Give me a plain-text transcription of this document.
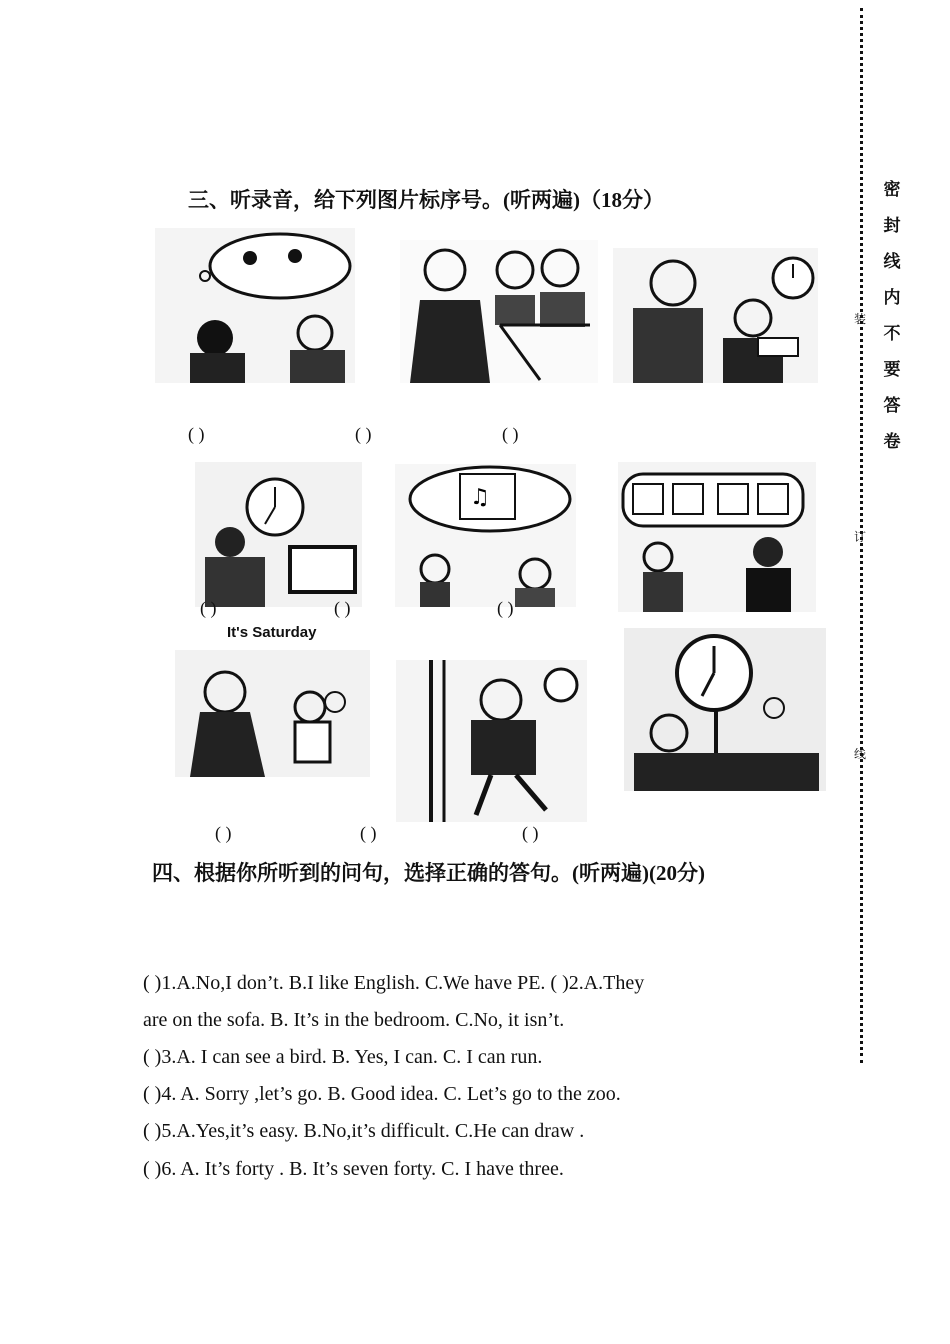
三、听录音，给下列图片标序号。(听两遍)（18分）
( )	( )	( )
♫
( )	( )	( )
It's Saturday
( )	( )	( )
四、根据你所听到的问句，选择正确的答句。(听两遍)(20分)
( )1.A.No,I don’t. B.I like English. C.We have PE. ( )2.A.They
are on the sofa. B. It’s in the bedroom. C.No, it isn’t.
( )3.A. I can see a bird. B. Yes, I can. C. I can run.
( )4. A. Sorry ,let’s go. B. Good idea. C. Let’s go to the zoo.
( )5.A.Yes,it’s easy. B.No,it’s difficult. C.He can draw .
( )6. A. It’s forty . B. It’s seven forty. C. I have three.
密
封
线
内
不
要
答
卷
装
订
线
